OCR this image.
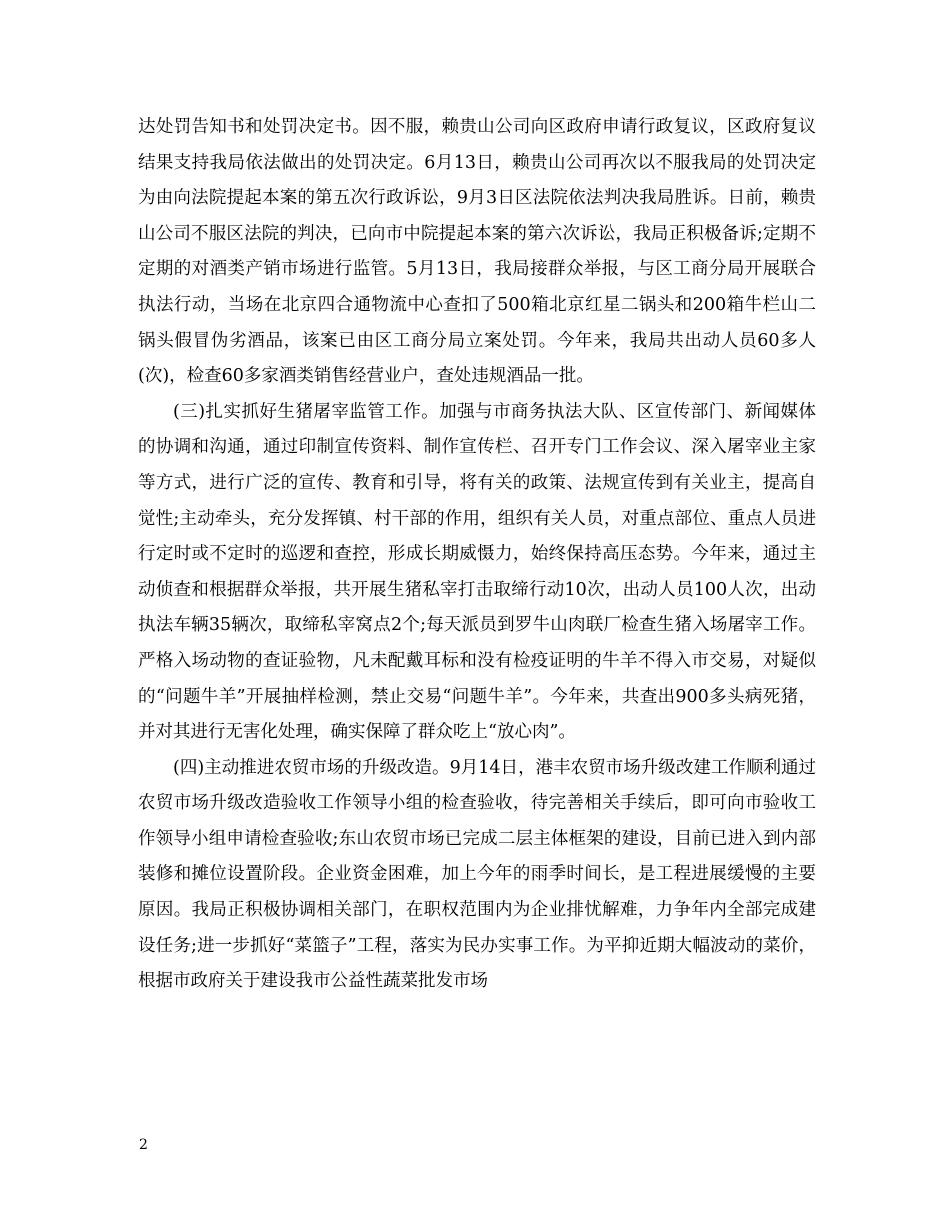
达处罚告知书和处罚决定书。因不服，赖贵山公司向区政府申请行政复议，区政府复议结果支持我局依法做出的处罚决定。6月13日，赖贵山公司再次以不服我局的处罚决定为由向法院提起本案的第五次行政诉讼，9月3日区法院依法判决我局胜诉。日前，赖贵山公司不服区法院的判决，已向市中院提起本案的第六次诉讼，我局正积极备诉;定期不定期的对酒类产销市场进行监管。5月13日，我局接群众举报，与区工商分局开展联合执法行动，当场在北京四合通物流中心查扣了500箱北京红星二锅头和200箱牛栏山二锅头假冒伪劣酒品，该案已由区工商分局立案处罚。今年来，我局共出动人员60多人(次)，检查60多家酒类销售经营业户，查处违规酒品一批。

(三)扎实抓好生猪屠宰监管工作。加强与市商务执法大队、区宣传部门、新闻媒体的协调和沟通，通过印制宣传资料、制作宣传栏、召开专门工作会议、深入屠宰业主家等方式，进行广泛的宣传、教育和引导，将有关的政策、法规宣传到有关业主，提高自觉性;主动牵头，充分发挥镇、村干部的作用，组织有关人员，对重点部位、重点人员进行定时或不定时的巡逻和查控，形成长期威慑力，始终保持高压态势。今年来，通过主动侦查和根据群众举报，共开展生猪私宰打击取缔行动10次，出动人员100人次，出动执法车辆35辆次，取缔私宰窝点2个;每天派员到罗牛山肉联厂检查生猪入场屠宰工作。严格入场动物的查证验物，凡未配戴耳标和没有检疫证明的牛羊不得入市交易，对疑似的“问题牛羊”开展抽样检测，禁止交易“问题牛羊”。今年来，共查出900多头病死猪，并对其进行无害化处理，确实保障了群众吃上“放心肉”。

(四)主动推进农贸市场的升级改造。9月14日，港丰农贸市场升级改建工作顺利通过农贸市场升级改造验收工作领导小组的检查验收，待完善相关手续后，即可向市验收工作领导小组申请检查验收;东山农贸市场已完成二层主体框架的建设，目前已进入到内部装修和摊位设置阶段。企业资金困难，加上今年的雨季时间长，是工程进展缓慢的主要原因。我局正积极协调相关部门，在职权范围内为企业排忧解难，力争年内全部完成建设任务;进一步抓好“菜篮子”工程，落实为民办实事工作。为平抑近期大幅波动的菜价，根据市政府关于建设我市公益性蔬菜批发市场

2
